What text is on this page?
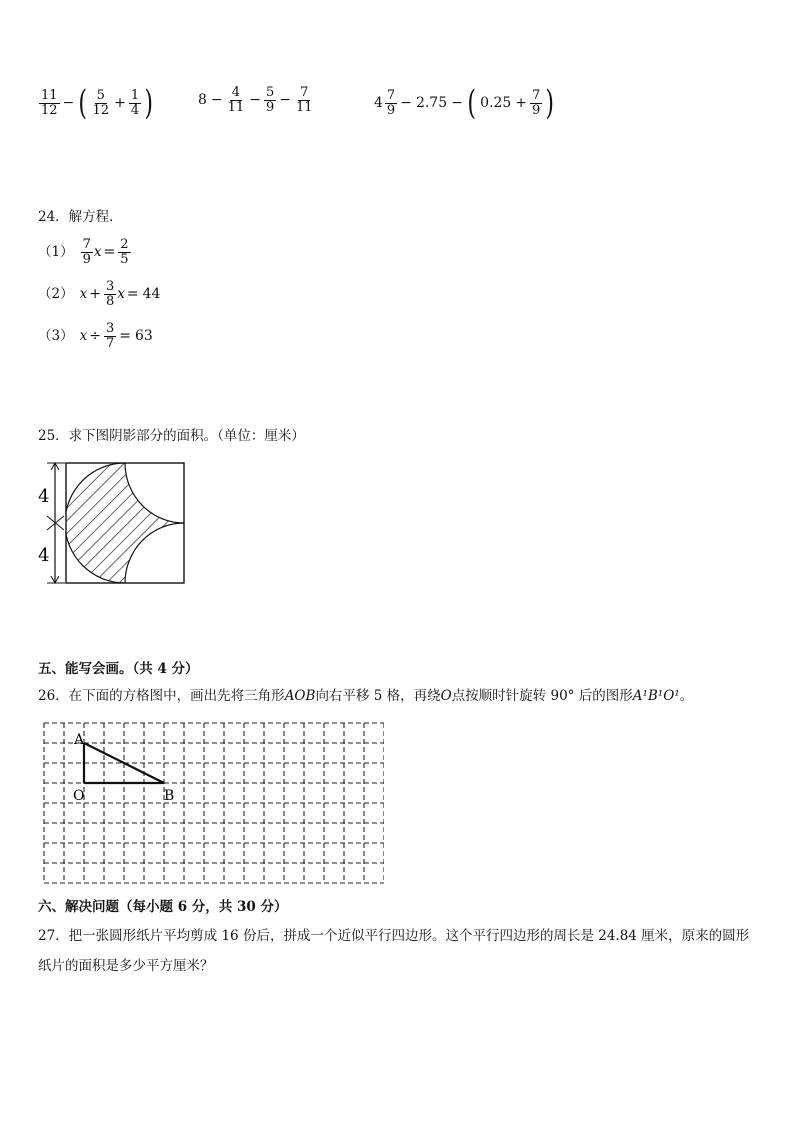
$\frac{11}{12}$ − ( $\frac{5}{12} + \frac{1}{4}$ )	$8 - \frac{4}{11} - \frac{5}{9} - \frac{7}{11}$	$4 \frac{7}{9} - 2.75$ − ( $0.25 + \frac{7}{9}$ )
24．解方程．
$(1) \frac{7}{9}$ $x = \frac{2}{5}$
（2） $x + \frac{3}{8}$ x = 44
（3） $x \div \frac{3}{7} = 63$
25．求下图阴影部分的面积。（单位：厘米）
4
4
五、能写会画。（共 4 分）
26．在下面的方格图中，画出先将三角形AOB向右平移 5 格，再绕O点按顺时针旋转 90° 后的图形A¹B¹O¹。
A
O	B
六、解决问题（每小题 6 分，共 30 分）
27．把一张圆形纸片平均剪成 16 份后，拼成一个近似平行四边形。这个平行四边形的周长是 24.84 厘米，原来的圆形
纸片的面积是多少平方厘米？
